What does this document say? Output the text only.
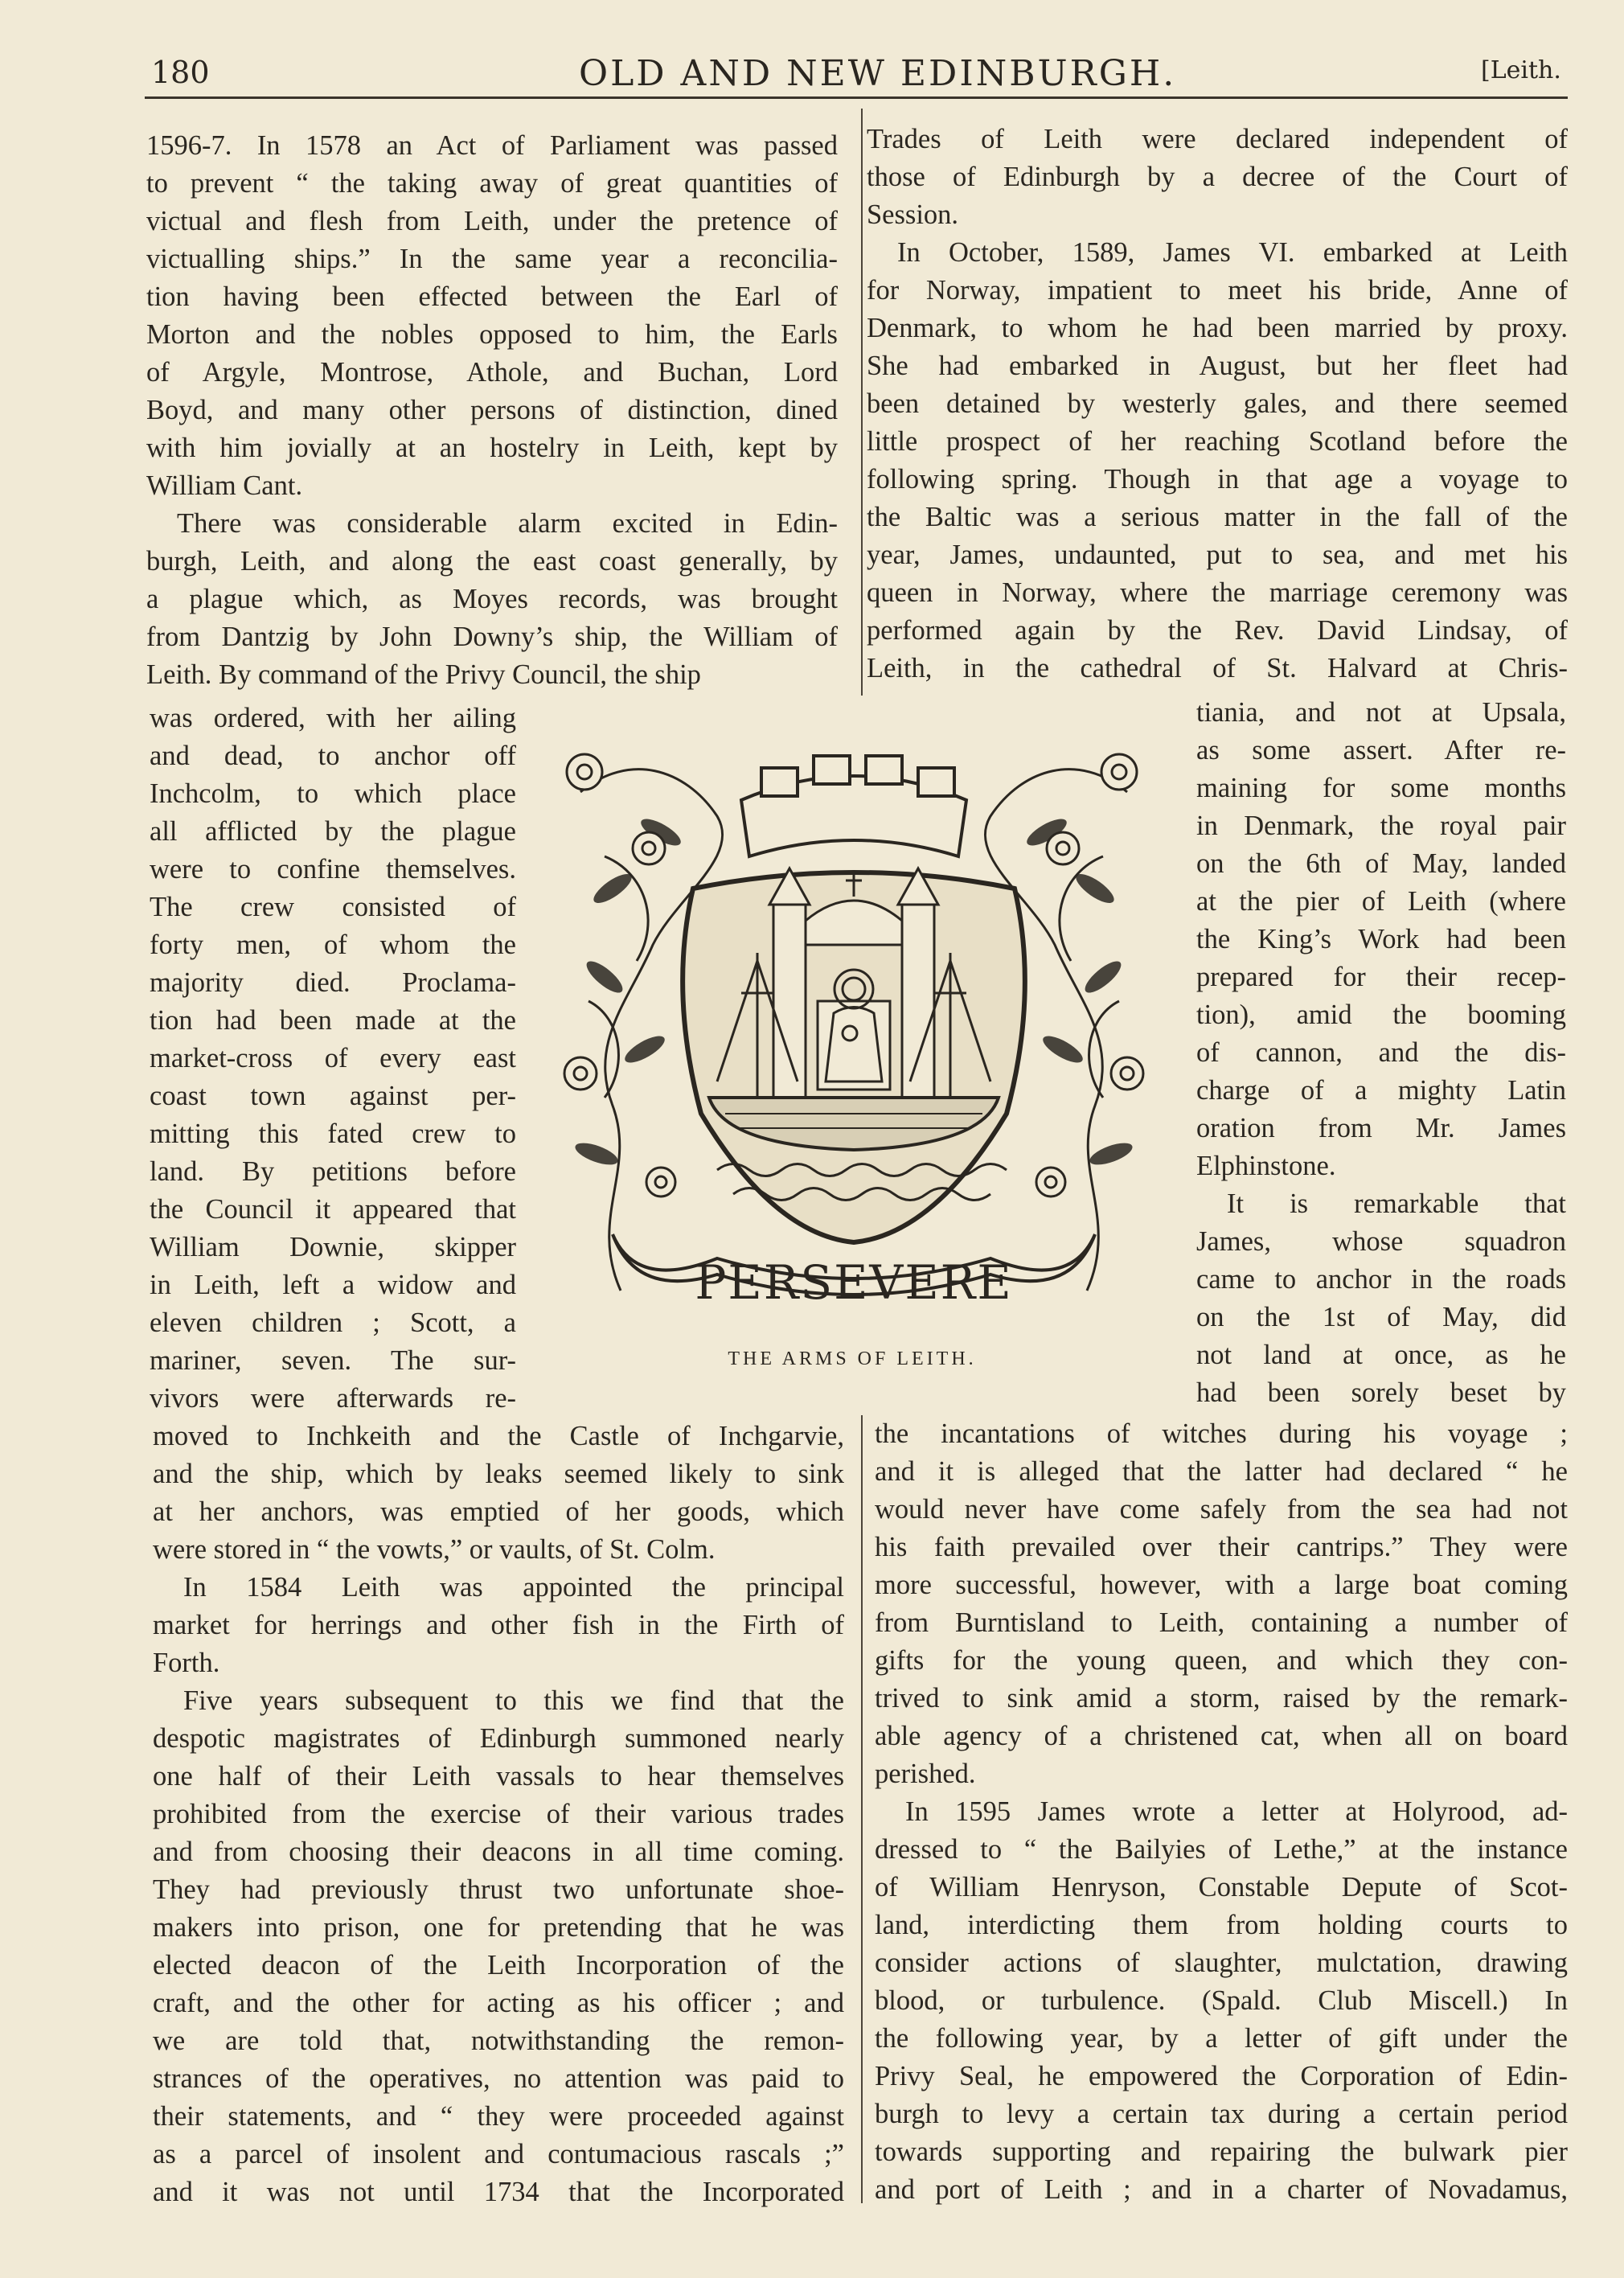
180	OLD AND NEW EDINBURGH.	[Leith.
1596-7. In 1578 an Act of Parliament was passed
to prevent “ the taking away of great quantities of
victual and flesh from Leith, under the pretence of
victualling ships.” In the same year a reconcilia-
tion having been effected between the Earl of
Morton and the nobles opposed to him, the Earls
of Argyle, Montrose, Athole, and Buchan, Lord
Boyd, and many other persons of distinction, dined
with him jovially at an hostelry in Leith, kept by
William Cant.
There was considerable alarm excited in Edin-
burgh, Leith, and along the east coast generally, by
a plague which, as Moyes records, was brought
from Dantzig by John Downy’s ship, the William of
Leith. By command of the Privy Council, the ship
was ordered, with her ailing
and dead, to anchor off
Inchcolm, to which place
all afflicted by the plague
were to confine themselves.
The crew consisted of
forty men, of whom the
majority died. Proclama-
tion had been made at the
market-cross of every east
coast town against per-
mitting this fated crew to
land. By petitions before
the Council it appeared that
William Downie, skipper
in Leith, left a widow and
eleven children ; Scott, a
mariner, seven. The sur-
vivors were afterwards re-
moved to Inchkeith and the Castle of Inchgarvie,
and the ship, which by leaks seemed likely to sink
at her anchors, was emptied of her goods, which
were stored in “ the vowts,” or vaults, of St. Colm.
In 1584 Leith was appointed the principal
market for herrings and other fish in the Firth of
Forth.
Five years subsequent to this we find that the
despotic magistrates of Edinburgh summoned nearly
one half of their Leith vassals to hear themselves
prohibited from the exercise of their various trades
and from choosing their deacons in all time coming.
They had previously thrust two unfortunate shoe-
makers into prison, one for pretending that he was
elected deacon of the Leith Incorporation of the
craft, and the other for acting as his officer ; and
we are told that, notwithstanding the remon-
strances of the operatives, no attention was paid to
their statements, and “ they were proceeded against
as a parcel of insolent and contumacious rascals ;”
and it was not until 1734 that the Incorporated
Trades of Leith were declared independent of
those of Edinburgh by a decree of the Court of
Session.
In October, 1589, James VI. embarked at Leith
for Norway, impatient to meet his bride, Anne of
Denmark, to whom he had been married by proxy.
She had embarked in August, but her fleet had
been detained by westerly gales, and there seemed
little prospect of her reaching Scotland before the
following spring. Though in that age a voyage to
the Baltic was a serious matter in the fall of the
year, James, undaunted, put to sea, and met his
queen in Norway, where the marriage ceremony was
performed again by the Rev. David Lindsay, of
Leith, in the cathedral of St. Halvard at Chris-
tiania, and not at Upsala,
as some assert. After re-
maining for some months
in Denmark, the royal pair
on the 6th of May, landed
at the pier of Leith (where
the King’s Work had been
prepared for their recep-
tion), amid the booming
of cannon, and the dis-
charge of a mighty Latin
oration from Mr. James
Elphinstone.
It is remarkable that
James, whose squadron
came to anchor in the roads
on the 1st of May, did
not land at once, as he
had been sorely beset by
the incantations of witches during his voyage ;
and it is alleged that the latter had declared “ he
would never have come safely from the sea had not
his faith prevailed over their cantrips.” They were
more successful, however, with a large boat coming
from Burntisland to Leith, containing a number of
gifts for the young queen, and which they con-
trived to sink amid a storm, raised by the remark-
able agency of a christened cat, when all on board
perished.
In 1595 James wrote a letter at Holyrood, ad-
dressed to “ the Bailyies of Lethe,” at the instance
of William Henryson, Constable Depute of Scot-
land, interdicting them from holding courts to
consider actions of slaughter, mulctation, drawing
blood, or turbulence. (Spald. Club Miscell.) In
the following year, by a letter of gift under the
Privy Seal, he empowered the Corporation of Edin-
burgh to levy a certain tax during a certain period
towards supporting and repairing the bulwark pier
and port of Leith ; and in a charter of Novadamus,
PERSEVERE
THE ARMS OF LEITH.
